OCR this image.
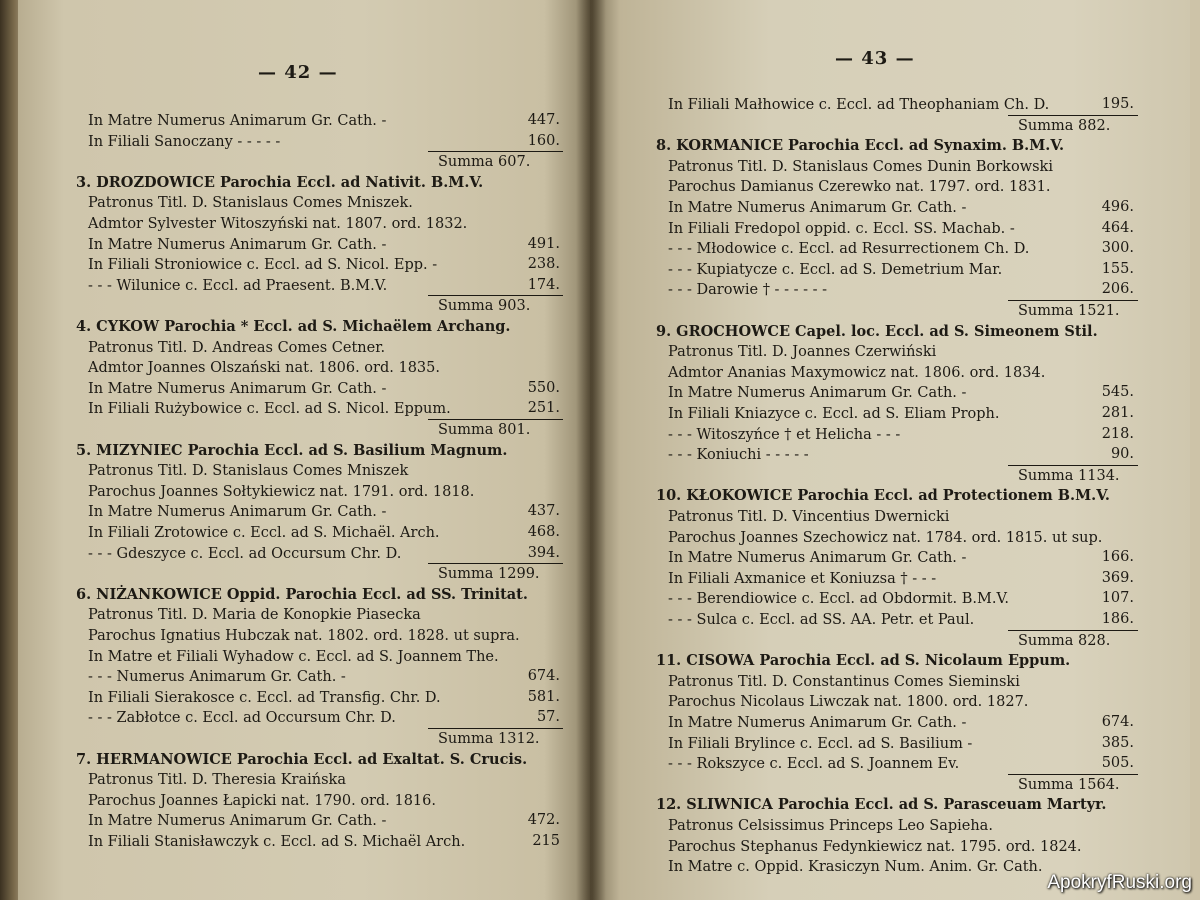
— 42 —
In Matre Numerus Animarum Gr. Cath. -	447.
In Filiali Sanoczany - - - - -	160.
Summa 607.
3. DROZDOWICE Parochia Eccl. ad Nativit. B.M.V.
Patronus Titl. D. Stanislaus Comes Mniszek.
Admtor Sylvester Witoszyński nat. 1807. ord. 1832.
In Matre Numerus Animarum Gr. Cath. -	491.
In Filiali Stroniowice c. Eccl. ad S. Nicol. Epp. -	238.
- - - Wilunice c. Eccl. ad Praesent. B.M.V.	174.
Summa 903.
4. CYKOW Parochia * Eccl. ad S. Michaëlem Archang.
Patronus Titl. D. Andreas Comes Cetner.
Admtor Joannes Olszański nat. 1806. ord. 1835.
In Matre Numerus Animarum Gr. Cath. -	550.
In Filiali Rużybowice c. Eccl. ad S. Nicol. Eppum.	251.
Summa 801.
5. MIZYNIEC Parochia Eccl. ad S. Basilium Magnum.
Patronus Titl. D. Stanislaus Comes Mniszek
Parochus Joannes Sołtykiewicz nat. 1791. ord. 1818.
In Matre Numerus Animarum Gr. Cath. -	437.
In Filiali Zrotowice c. Eccl. ad S. Michaël. Arch.	468.
- - - Gdeszyce c. Eccl. ad Occursum Chr. D.	394.
Summa 1299.
6. NIŻANKOWICE Oppid. Parochia Eccl. ad SS. Trinitat.
Patronus Titl. D. Maria de Konopkie Piasecka
Parochus Ignatius Hubczak nat. 1802. ord. 1828. ut supra.
In Matre et Filiali Wyhadow c. Eccl. ad S. Joannem The.
- - - Numerus Animarum Gr. Cath. -	674.
In Filiali Sierakosce c. Eccl. ad Transfig. Chr. D.	581.
- - - Zabłotce c. Eccl. ad Occursum Chr. D.	57.
Summa 1312.
7. HERMANOWICE Parochia Eccl. ad Exaltat. S. Crucis.
Patronus Titl. D. Theresia Kraińska
Parochus Joannes Łapicki nat. 1790. ord. 1816.
In Matre Numerus Animarum Gr. Cath. -	472.
In Filiali Stanisławczyk c. Eccl. ad S. Michaël Arch.	215
— 43 —
In Filiali Małhowice c. Eccl. ad Theophaniam Ch. D.	195.
Summa 882.
8. KORMANICE Parochia Eccl. ad Synaxim. B.M.V.
Patronus Titl. D. Stanislaus Comes Dunin Borkowski
Parochus Damianus Czerewko nat. 1797. ord. 1831.
In Matre Numerus Animarum Gr. Cath. -	496.
In Filiali Fredopol oppid. c. Eccl. SS. Machab. -	464.
- - - Młodowice c. Eccl. ad Resurrectionem Ch. D.	300.
- - - Kupiatycze c. Eccl. ad S. Demetrium Mar.	155.
- - - Darowie † - - - - - -	206.
Summa 1521.
9. GROCHOWCE Capel. loc. Eccl. ad S. Simeonem Stil.
Patronus Titl. D. Joannes Czerwiński
Admtor Ananias Maxymowicz nat. 1806. ord. 1834.
In Matre Numerus Animarum Gr. Cath. -	545.
In Filiali Kniazyce c. Eccl. ad S. Eliam Proph.	281.
- - - Witoszyńce † et Helicha - - -	218.
- - - Koniuchi - - - - -	90.
Summa 1134.
10. KŁOKOWICE Parochia Eccl. ad Protectionem B.M.V.
Patronus Titl. D. Vincentius Dwernicki
Parochus Joannes Szechowicz nat. 1784. ord. 1815. ut sup.
In Matre Numerus Animarum Gr. Cath. -	166.
In Filiali Axmanice et Koniuzsa † - - -	369.
- - - Berendiowice c. Eccl. ad Obdormit. B.M.V.	107.
- - - Sulca c. Eccl. ad SS. AA. Petr. et Paul.	186.
Summa 828.
11. CISOWA Parochia Eccl. ad S. Nicolaum Eppum.
Patronus Titl. D. Constantinus Comes Sieminski
Parochus Nicolaus Liwczak nat. 1800. ord. 1827.
In Matre Numerus Animarum Gr. Cath. -	674.
In Filiali Brylince c. Eccl. ad S. Basilium -	385.
- - - Rokszyce c. Eccl. ad S. Joannem Ev.	505.
Summa 1564.
12. SLIWNICA Parochia Eccl. ad S. Parasceuam Martyr.
Patronus Celsissimus Princeps Leo Sapieha.
Parochus Stephanus Fedynkiewicz nat. 1795. ord. 1824.
In Matre c. Oppid. Krasiczyn Num. Anim. Gr. Cath.
ApokryfRuski.org
